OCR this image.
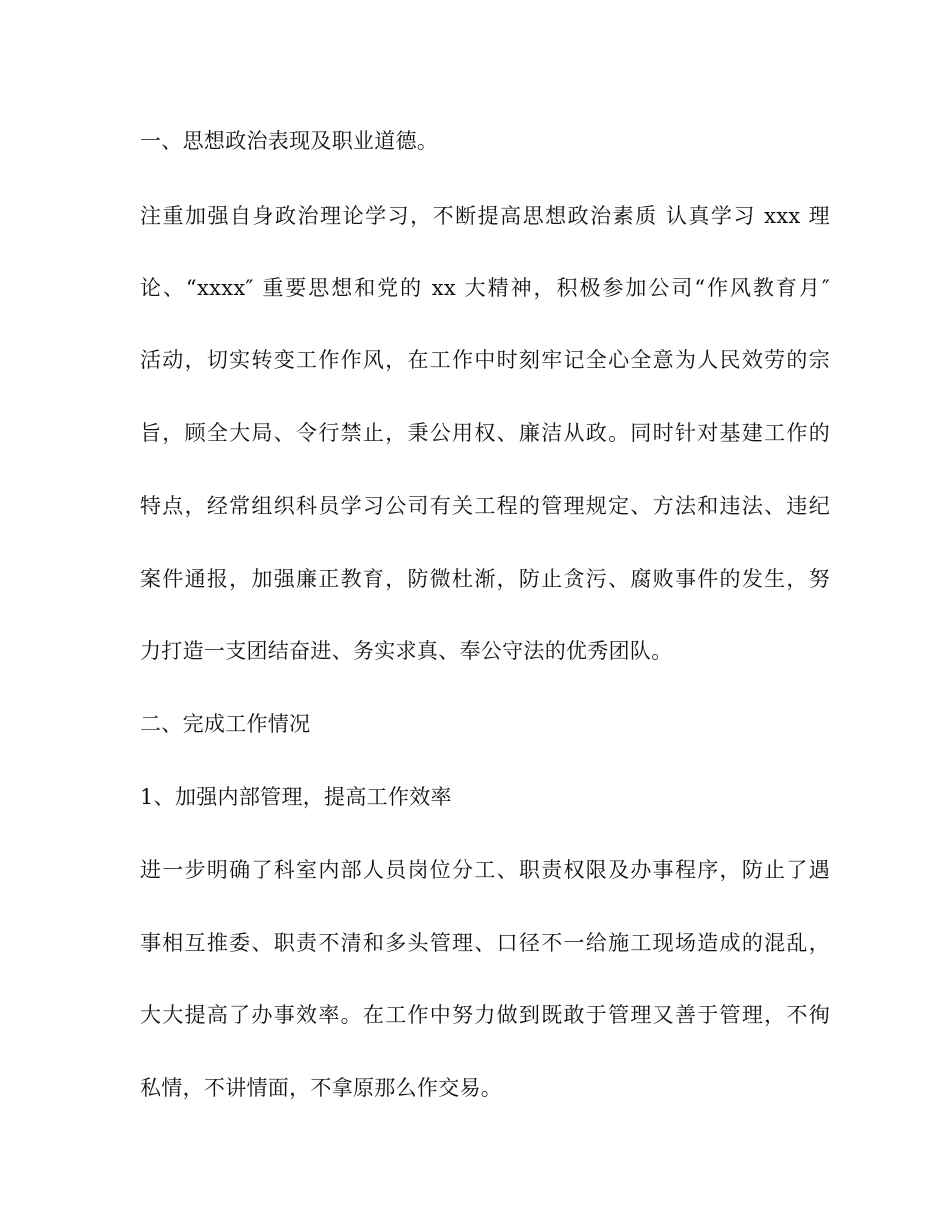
一、思想政治表现及职业道德。
注重加强自身政治理论学习，不断提高思想政治素质 认真学习 xxx 理
论、“xxxx″ 重要思想和党的 xx 大精神，积极参加公司“作风教育月″
活动，切实转变工作作风，在工作中时刻牢记全心全意为人民效劳的宗
旨，顾全大局、令行禁止，秉公用权、廉洁从政。同时针对基建工作的
特点，经常组织科员学习公司有关工程的管理规定、方法和违法、违纪
案件通报，加强廉正教育，防微杜渐，防止贪污、腐败事件的发生，努
力打造一支团结奋进、务实求真、奉公守法的优秀团队。
二、完成工作情况
1、加强内部管理，提高工作效率
进一步明确了科室内部人员岗位分工、职责权限及办事程序，防止了遇
事相互推委、职责不清和多头管理、口径不一给施工现场造成的混乱，
大大提高了办事效率。在工作中努力做到既敢于管理又善于管理，不徇
私情，不讲情面，不拿原那么作交易。
